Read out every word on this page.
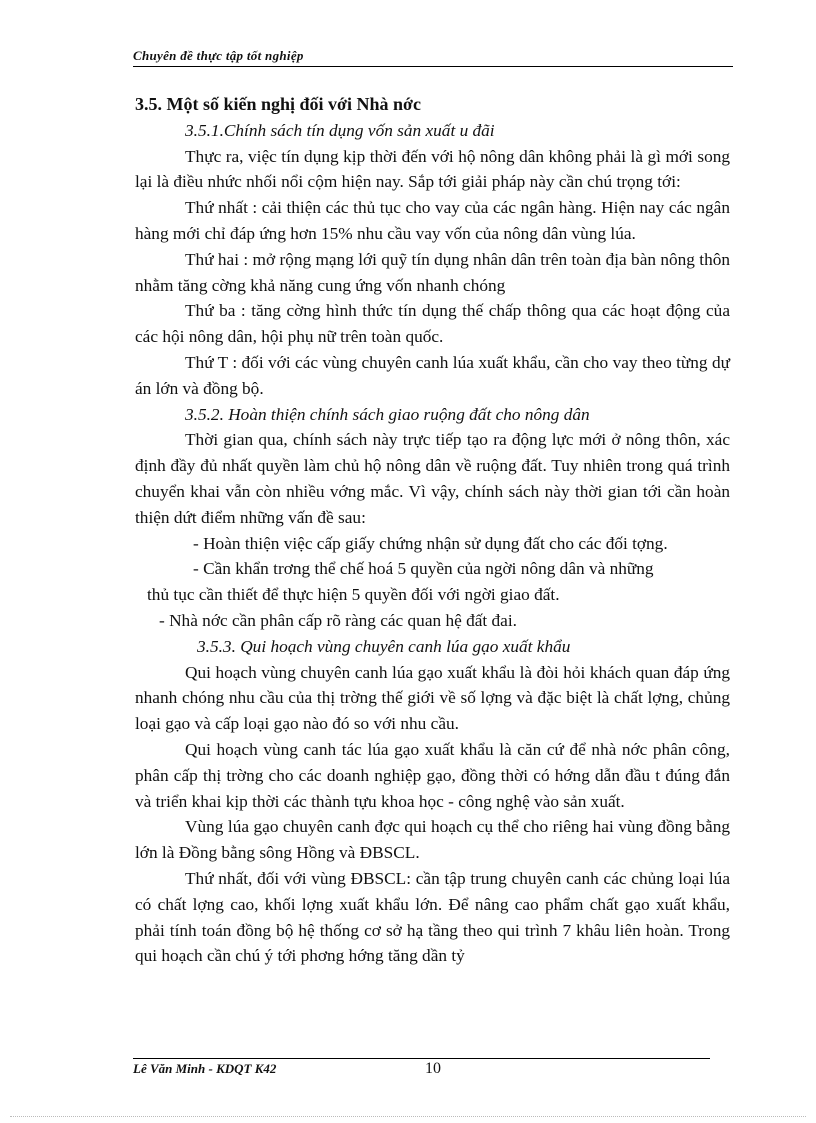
Chuyên đề thực tập tốt nghiệp

3.5. Một số kiến nghị đối với Nhà nớc

3.5.1.Chính sách tín dụng vốn sản xuất u đãi

Thực ra, việc tín dụng kịp thời đến với hộ nông dân không phải là gì mới song lại là điều nhức nhối nổi cộm hiện nay. Sắp tới giải pháp này cần chú trọng tới:

Thứ nhất : cải thiện các thủ tục cho vay của các ngân hàng. Hiện nay các ngân hàng mới chỉ đáp ứng hơn 15% nhu cầu vay vốn của nông dân vùng lúa.

Thứ hai : mở rộng mạng lới quỹ tín dụng nhân dân trên toàn địa bàn nông thôn nhằm tăng cờng khả năng cung ứng vốn nhanh chóng

Thứ ba : tăng cờng hình thức tín dụng thế chấp thông qua các hoạt động của các hội nông dân, hội phụ nữ trên toàn quốc.

Thứ T : đối với các vùng chuyên canh lúa xuất khẩu, cần cho vay theo từng dự án lớn và đồng bộ.

3.5.2. Hoàn thiện chính sách giao ruộng đất cho nông dân

Thời gian qua, chính sách này trực tiếp tạo ra động lực mới ở nông thôn, xác định đầy đủ nhất quyền làm chủ hộ nông dân về ruộng đất. Tuy nhiên trong quá trình chuyển khai vẫn còn nhiều vớng mắc. Vì vậy, chính sách này thời gian tới cần hoàn thiện dứt điểm những vấn đề sau:

- Hoàn thiện việc cấp giấy chứng nhận sử dụng đất cho các đối tợng.

- Cần khẩn trơng thể chế hoá 5 quyền của ngời nông dân và những

thủ tục cần thiết để thực hiện 5 quyền đối với ngời giao đất.

- Nhà nớc cần phân cấp rõ ràng các quan hệ đất đai.

3.5.3. Qui hoạch vùng chuyên canh lúa gạo xuất khẩu

Qui hoạch vùng chuyên canh lúa gạo xuất khẩu là đòi hỏi khách quan đáp ứng nhanh chóng nhu cầu của thị trờng thế giới về số lợng và đặc biệt là chất lợng, chủng loại gạo và cấp loại gạo nào đó so với nhu cầu.

Qui hoạch vùng canh tác lúa gạo xuất khẩu là căn cứ để nhà nớc phân công, phân cấp thị trờng cho các doanh nghiệp gạo, đồng thời có hớng dẫn đầu t đúng đắn và triển khai kịp thời các thành tựu khoa học - công nghệ vào sản xuất.

Vùng lúa gạo chuyên canh đợc qui hoạch cụ thể cho riêng hai vùng đồng bằng lớn là Đồng bằng sông Hồng và ĐBSCL.

Thứ nhất, đối với vùng ĐBSCL: cần tập trung chuyên canh các chủng loại lúa có chất lợng cao, khối lợng xuất khẩu lớn. Để nâng cao phẩm chất gạo xuất khẩu, phải tính toán đồng bộ hệ thống cơ sở hạ tầng theo qui trình 7 khâu liên hoàn. Trong qui hoạch cần chú ý tới phơng hớng tăng dần tỷ

Lê Văn Minh - KDQT K42	10
